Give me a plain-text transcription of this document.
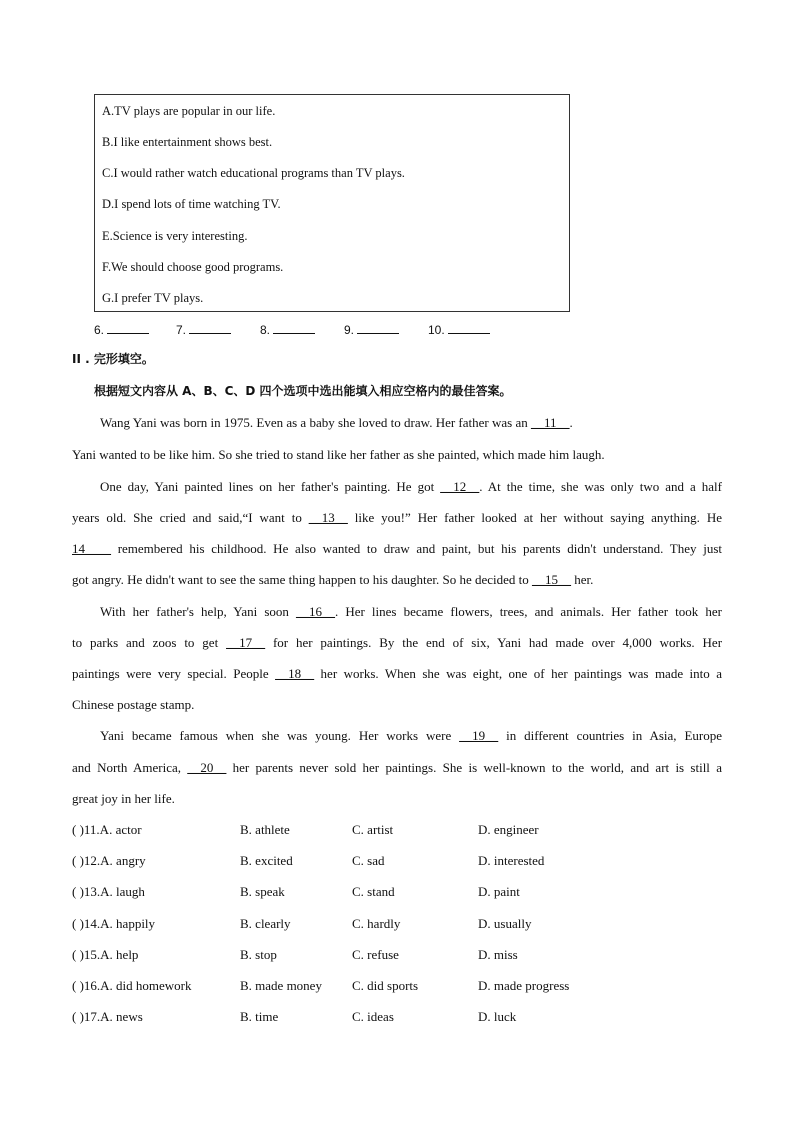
A.TV plays are popular in our life.
B.I like entertainment shows best.
C.I would rather watch educational programs than TV plays.
D.I spend lots of time watching TV.
E.Science is very interesting.
F.We should choose good programs.
G.I prefer TV plays.
6.	7.	8.	9.	10.
II . 完形填空。
根据短文内容从 A、B、C、D 四个选项中选出能填入相应空格内的最佳答案。
Wang Yani was born in 1975. Even as a baby she loved to draw. Her father was an __11__.
Yani wanted to be like him. So she tried to stand like her father as she painted, which made him laugh.
One day, Yani painted lines on her father's painting. He got __12__. At the time, she was only two and a half
years old. She cried and said,“I want to __13__ like you!” Her father looked at her without saying anything. He
14____ remembered his childhood. He also wanted to draw and paint, but his parents didn't understand. They just
got angry. He didn't want to see the same thing happen to his daughter. So he decided to __15__ her.
With her father's help, Yani soon __16__. Her lines became flowers, trees, and animals. Her father took her
to parks and zoos to get __17__ for her paintings. By the end of six, Yani had made over 4,000 works. Her
paintings were very special. People __18__ her works. When she was eight, one of her paintings was made into a
Chinese postage stamp.
Yani became famous when she was young. Her works were __19__ in different countries in Asia, Europe
and North America, __20__ her parents never sold her paintings. She is well-known to the world, and art is still a
great joy in her life.
( )11.A. actor	B. athlete	C. artist	D. engineer
( )12.A. angry	B. excited	C. sad	D. interested
( )13.A. laugh	B. speak	C. stand	D. paint
( )14.A. happily	B. clearly	C. hardly	D. usually
( )15.A. help	B. stop	C. refuse	D. miss
( )16.A. did homework	B. made money C. did sports	D. made progress
( )17.A. news	B. time	C. ideas	D. luck
